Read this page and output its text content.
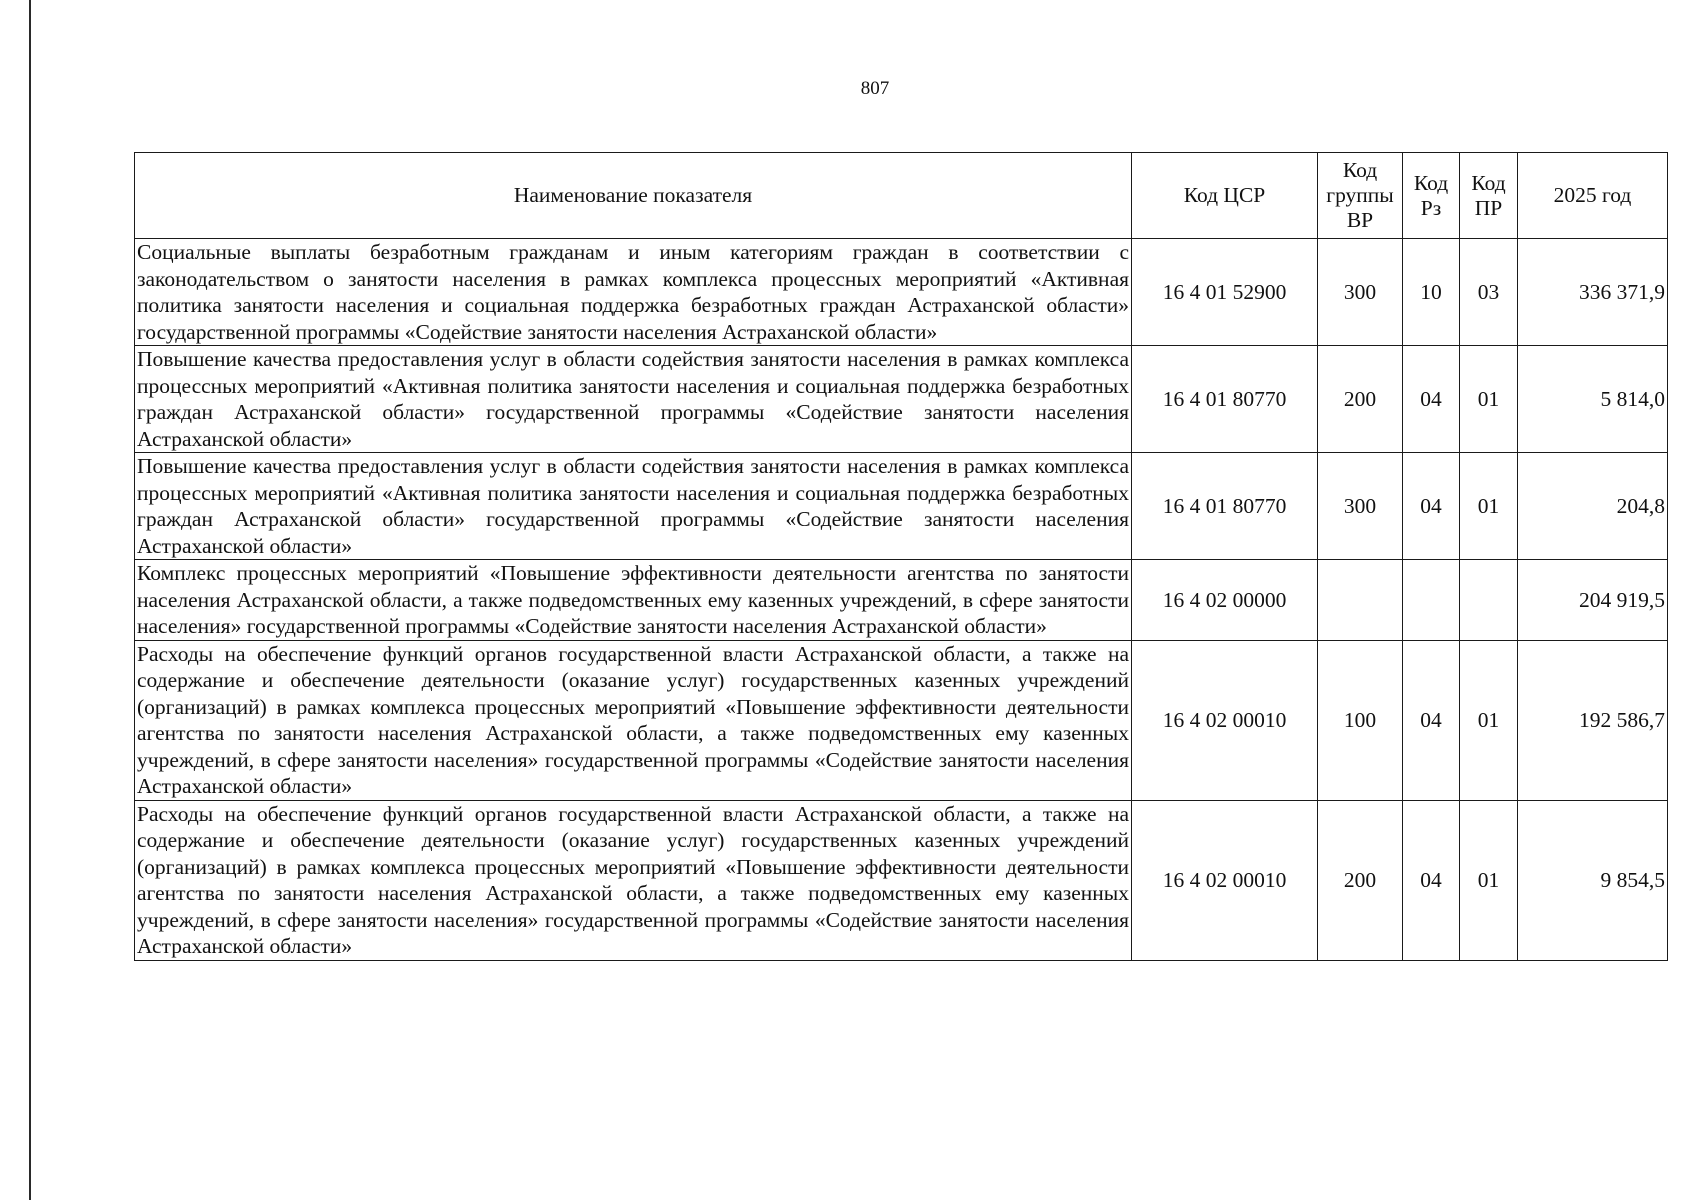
807
Наименование показателя	Код ЦСР	Код группы ВР	Код Рз	Код ПР	2025 год
Социальные выплаты безработным гражданам и иным категориям граждан в соответствии с законодательством о занятости населения в рамках комплекса процессных мероприятий «Активная политика занятости населения и социальная поддержка безработных граждан Астраханской области» государственной программы «Содействие занятости населения Астраханской области»	16 4 01 52900	300	10	03	336 371,9
Повышение качества предоставления услуг в области содействия занятости населения в рамках комплекса процессных мероприятий «Активная политика занятости населения и социальная поддержка безработных граждан Астраханской области» государственной программы «Содействие занятости населения Астраханской области»	16 4 01 80770	200	04	01	5 814,0
Повышение качества предоставления услуг в области содействия занятости населения в рамках комплекса процессных мероприятий «Активная политика занятости населения и социальная поддержка безработных граждан Астраханской области» государственной программы «Содействие занятости населения Астраханской области»	16 4 01 80770	300	04	01	204,8
Комплекс процессных мероприятий «Повышение эффективности деятельности агентства по занятости населения Астраханской области, а также подведомственных ему казенных учреждений, в сфере занятости населения» государственной программы «Содействие занятости населения Астраханской области»	16 4 02 00000				204 919,5
Расходы на обеспечение функций органов государственной власти Астраханской области, а также на содержание и обеспечение деятельности (оказание услуг) государственных казенных учреждений (организаций) в рамках комплекса процессных мероприятий «Повышение эффективности деятельности агентства по занятости населения Астраханской области, а также подведомственных ему казенных учреждений, в сфере занятости населения» государственной программы «Содействие занятости населения Астраханской области»	16 4 02 00010	100	04	01	192 586,7
Расходы на обеспечение функций органов государственной власти Астраханской области, а также на содержание и обеспечение деятельности (оказание услуг) государственных казенных учреждений (организаций) в рамках комплекса процессных мероприятий «Повышение эффективности деятельности агентства по занятости населения Астраханской области, а также подведомственных ему казенных учреждений, в сфере занятости населения» государственной программы «Содействие занятости населения Астраханской области»	16 4 02 00010	200	04	01	9 854,5
